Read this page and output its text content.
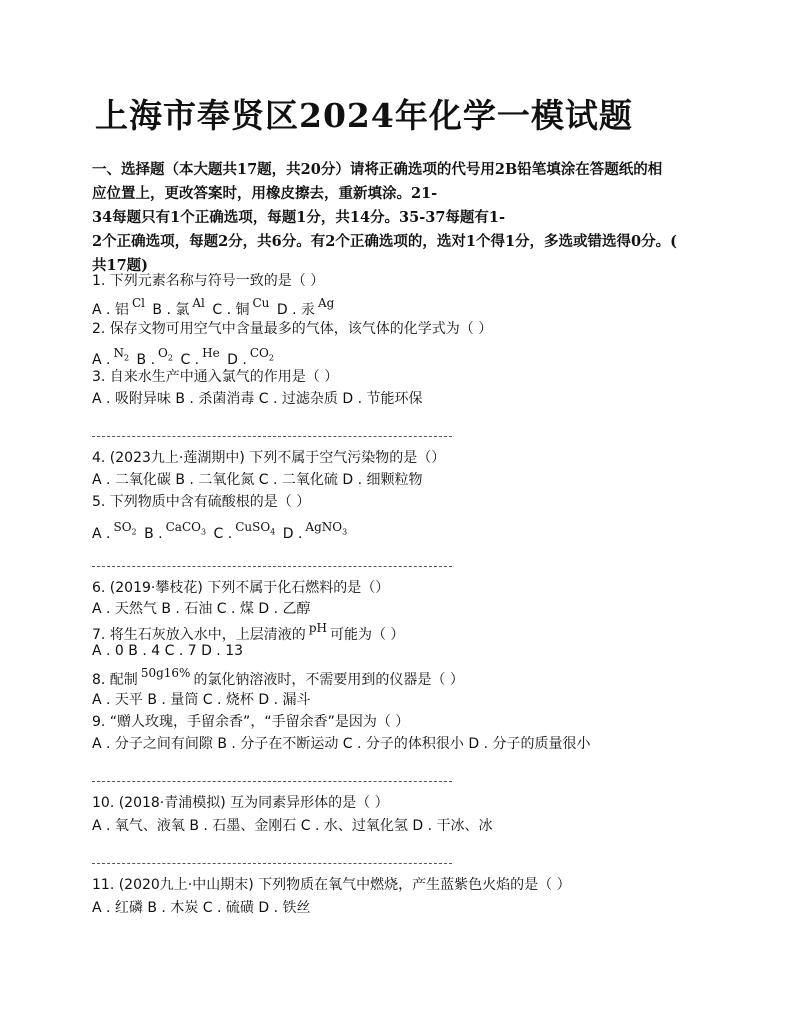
上海市奉贤区2024年化学一模试题
一、选择题（本大题共17题，共20分）请将正确选项的代号用2B铅笔填涂在答题纸的相
应位置上，更改答案时，用橡皮擦去，重新填涂。21-
34每题只有1个正确选项，每题1分，共14分。35-37每题有1-
2个正确选项，每题2分，共6分。有2个正确选项的，选对1个得1分，多选或错选得0分。(
共17题)
1. 下列元素名称与符号一致的是（ ）
A . 铝 Cl B . 氯 Al C . 铜 Cu D . 汞 Ag
2. 保存文物可用空气中含量最多的气体，该气体的化学式为（ ）
A . $N_2$ B . $O_2$ C . He D . $CO_2$
3. 自来水生产中通入氯气的作用是（ ）
A . 吸附异味 B . 杀菌消毒 C . 过滤杂质 D . 节能环保
4. (2023九上·莲湖期中) 下列不属于空气污染物的是（）
A . 二氧化碳 B . 二氧化氮 C . 二氧化硫 D . 细颗粒物
5. 下列物质中含有硫酸根的是（ ）
A . $SO_2$ B . CaCO$_3$ C . CuSO$_4$ D . AgNO$_3$
6. (2019·攀枝花) 下列不属于化石燃料的是（）
A . 天然气 B . 石油 C . 煤 D . 乙醇
7. 将生石灰放入水中，上层清液的 pH 可能为（ ）
A . 0 B . 4 C . 7 D . 13
8. 配制 50g16% 的氯化钠溶液时，不需要用到的仪器是（ ）
A . 天平 B . 量筒 C . 烧杯 D . 漏斗
9. “赠人玫瑰，手留余香”，“手留余香”是因为（ ）
A . 分子之间有间隙 B . 分子在不断运动 C . 分子的体积很小 D . 分子的质量很小
10. (2018·青浦模拟) 互为同素异形体的是（ ）
A . 氧气、液氧 B . 石墨、金刚石 C . 水、过氧化氢 D . 干冰、冰
11. (2020九上·中山期末) 下列物质在氧气中燃烧，产生蓝紫色火焰的是（ ）
A . 红磷 B . 木炭 C . 硫磺 D . 铁丝
